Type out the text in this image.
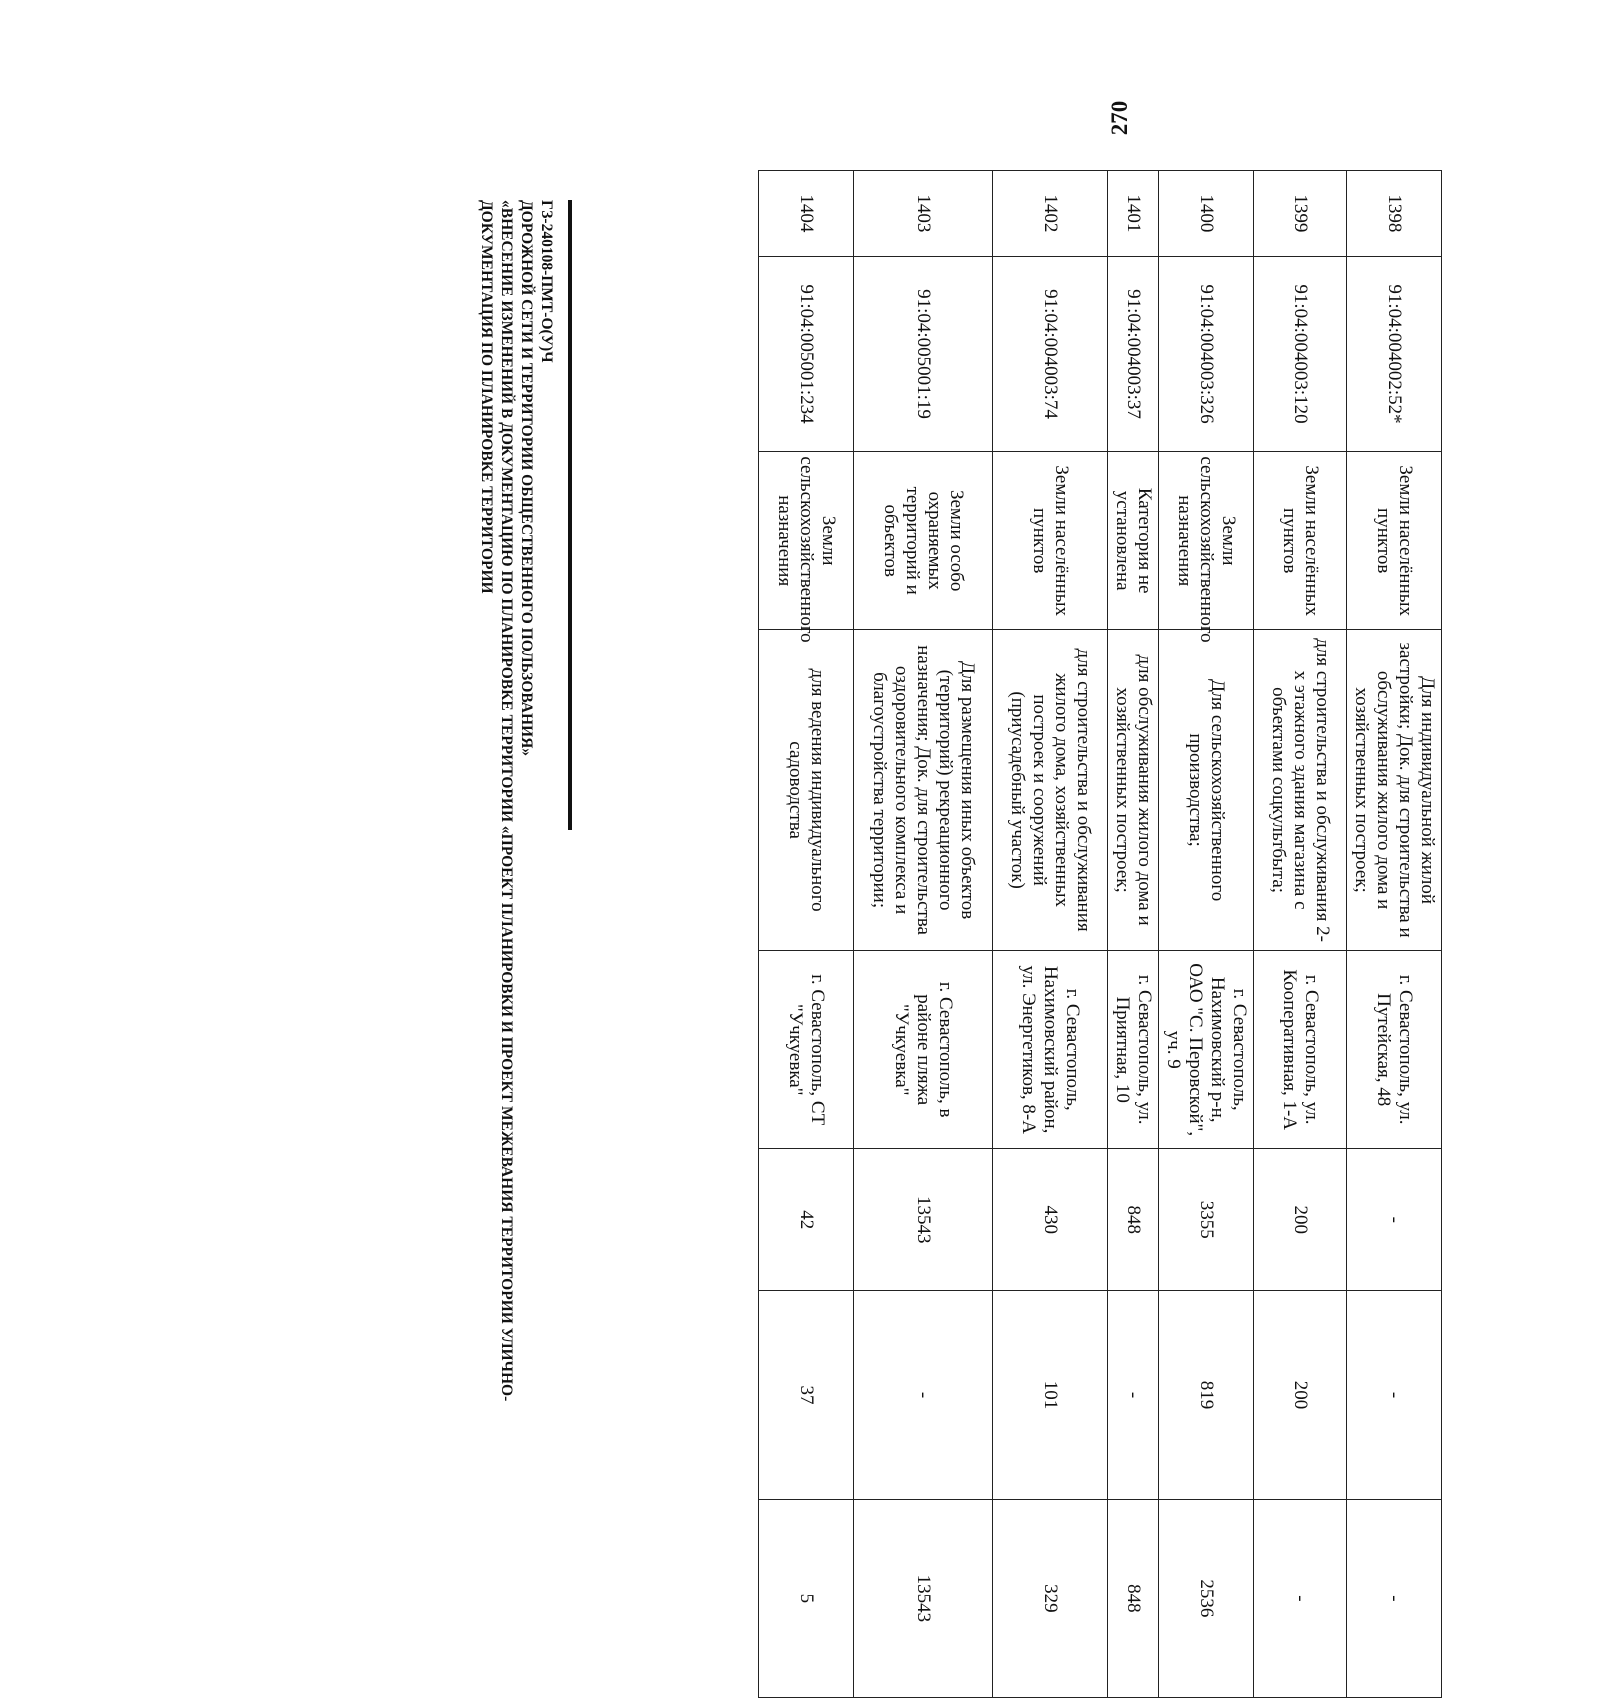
270
ДОКУМЕНТАЦИЯ ПО ПЛАНИРОВКЕ ТЕРРИТОРИИ «ВНЕСЕНИЕ ИЗМЕНЕНИЙ В ДОКУМЕНТАЦИЮ ПО ПЛАНИРОВКЕ ТЕРРИТОРИИ «ПРОЕКТ ПЛАНИРОВКИ И ПРОЕКТ МЕЖЕВАНИЯ ТЕРРИТОРИИ УЛИЧНО- ДОРОЖНОЙ СЕТИ И ТЕРРИТОРИИ ОБЩЕСТВЕННОГО ПОЛЬЗОВАНИЯ» ГЗ-240108-ПМТ-О(У)Ч	1398	91:04:004002:52*	Земли населённых пунктов	Для индивидуальной жилой застройки; Док. для строительства и обслуживания жилого дома и хозяйственных построек;	г. Севастополь, ул. Путейская, 48	-	-	-
1399	91:04:004003:120	Земли населённых пунктов	для строительства и обслуживания 2-х этажного здания магазина с объектами соцкультбыта;	г. Севастополь, ул. Кооперативная, 1-А	200	200	-
1400	91:04:004003:326	Земли сельскохозяйственного назначения	Для сельскохозяйственного производства;	г. Севастополь, Нахимовский р-н, ОАО "С. Перовской", уч. 9	3355	819	2536
1401	91:04:004003:37	Категория не установлена	для обслуживания жилого дома и хозяйственных построек;	г. Севастополь, ул. Приятная, 10	848	-	848
1402	91:04:004003:74	Земли населённых пунктов	для строительства и обслуживания жилого дома, хозяйственных построек и сооружений (приусадебный участок)	г. Севастополь, Нахимовский район, ул. Энергетиков, 8-А	430	101	329
1403	91:04:005001:19	Земли особо охраняемых территорий и объектов	Для размещения иных объектов (территорий) рекреационного назначения; Док. для строительства оздоровительного комплекса и благоустройства территории;	г. Севастополь, в районе пляжа "Учкуевка"	13543	-	13543
1404	91:04:005001:234	Земли сельскохозяйственного назначения	для ведения индивидуального садоводства	г. Севастополь, СТ "Учкуевка"	42	37	5
